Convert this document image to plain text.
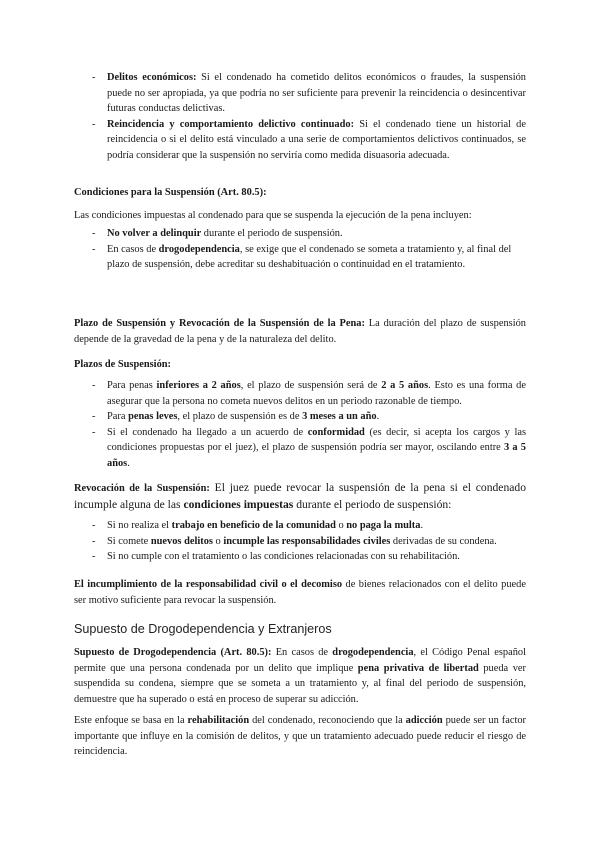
- Delitos económicos: Si el condenado ha cometido delitos económicos o fraudes, la suspensión puede no ser apropiada, ya que podría no ser suficiente para prevenir la reincidencia o desincentivar futuras conductas delictivas.
- Reincidencia y comportamiento delictivo continuado: Si el condenado tiene un historial de reincidencia o si el delito está vinculado a una serie de comportamientos delictivos continuados, se podría considerar que la suspensión no serviría como medida disuasoria adecuada.

Condiciones para la Suspensión (Art. 80.5):

Las condiciones impuestas al condenado para que se suspenda la ejecución de la pena incluyen:

- No volver a delinquir durante el periodo de suspensión.
- En casos de drogodependencia, se exige que el condenado se someta a tratamiento y, al final del plazo de suspensión, debe acreditar su deshabituación o continuidad en el tratamiento.

Plazo de Suspensión y Revocación de la Suspensión de la Pena: La duración del plazo de suspensión depende de la gravedad de la pena y de la naturaleza del delito.

Plazos de Suspensión:

- Para penas inferiores a 2 años, el plazo de suspensión será de 2 a 5 años. Esto es una forma de asegurar que la persona no cometa nuevos delitos en un periodo razonable de tiempo.
- Para penas leves, el plazo de suspensión es de 3 meses a un año.
- Si el condenado ha llegado a un acuerdo de conformidad (es decir, si acepta los cargos y las condiciones propuestas por el juez), el plazo de suspensión podría ser mayor, oscilando entre 3 a 5 años.

Revocación de la Suspensión: El juez puede revocar la suspensión de la pena si el condenado incumple alguna de las condiciones impuestas durante el periodo de suspensión:

- Si no realiza el trabajo en beneficio de la comunidad o no paga la multa.
- Si comete nuevos delitos o incumple las responsabilidades civiles derivadas de su condena.
- Si no cumple con el tratamiento o las condiciones relacionadas con su rehabilitación.

El incumplimiento de la responsabilidad civil o el decomiso de bienes relacionados con el delito puede ser motivo suficiente para revocar la suspensión.

Supuesto de Drogodependencia y Extranjeros

Supuesto de Drogodependencia (Art. 80.5): En casos de drogodependencia, el Código Penal español permite que una persona condenada por un delito que implique pena privativa de libertad pueda ver suspendida su condena, siempre que se someta a un tratamiento y, al final del periodo de suspensión, demuestre que ha superado o está en proceso de superar su adicción.

Este enfoque se basa en la rehabilitación del condenado, reconociendo que la adicción puede ser un factor importante que influye en la comisión de delitos, y que un tratamiento adecuado puede reducir el riesgo de reincidencia.
